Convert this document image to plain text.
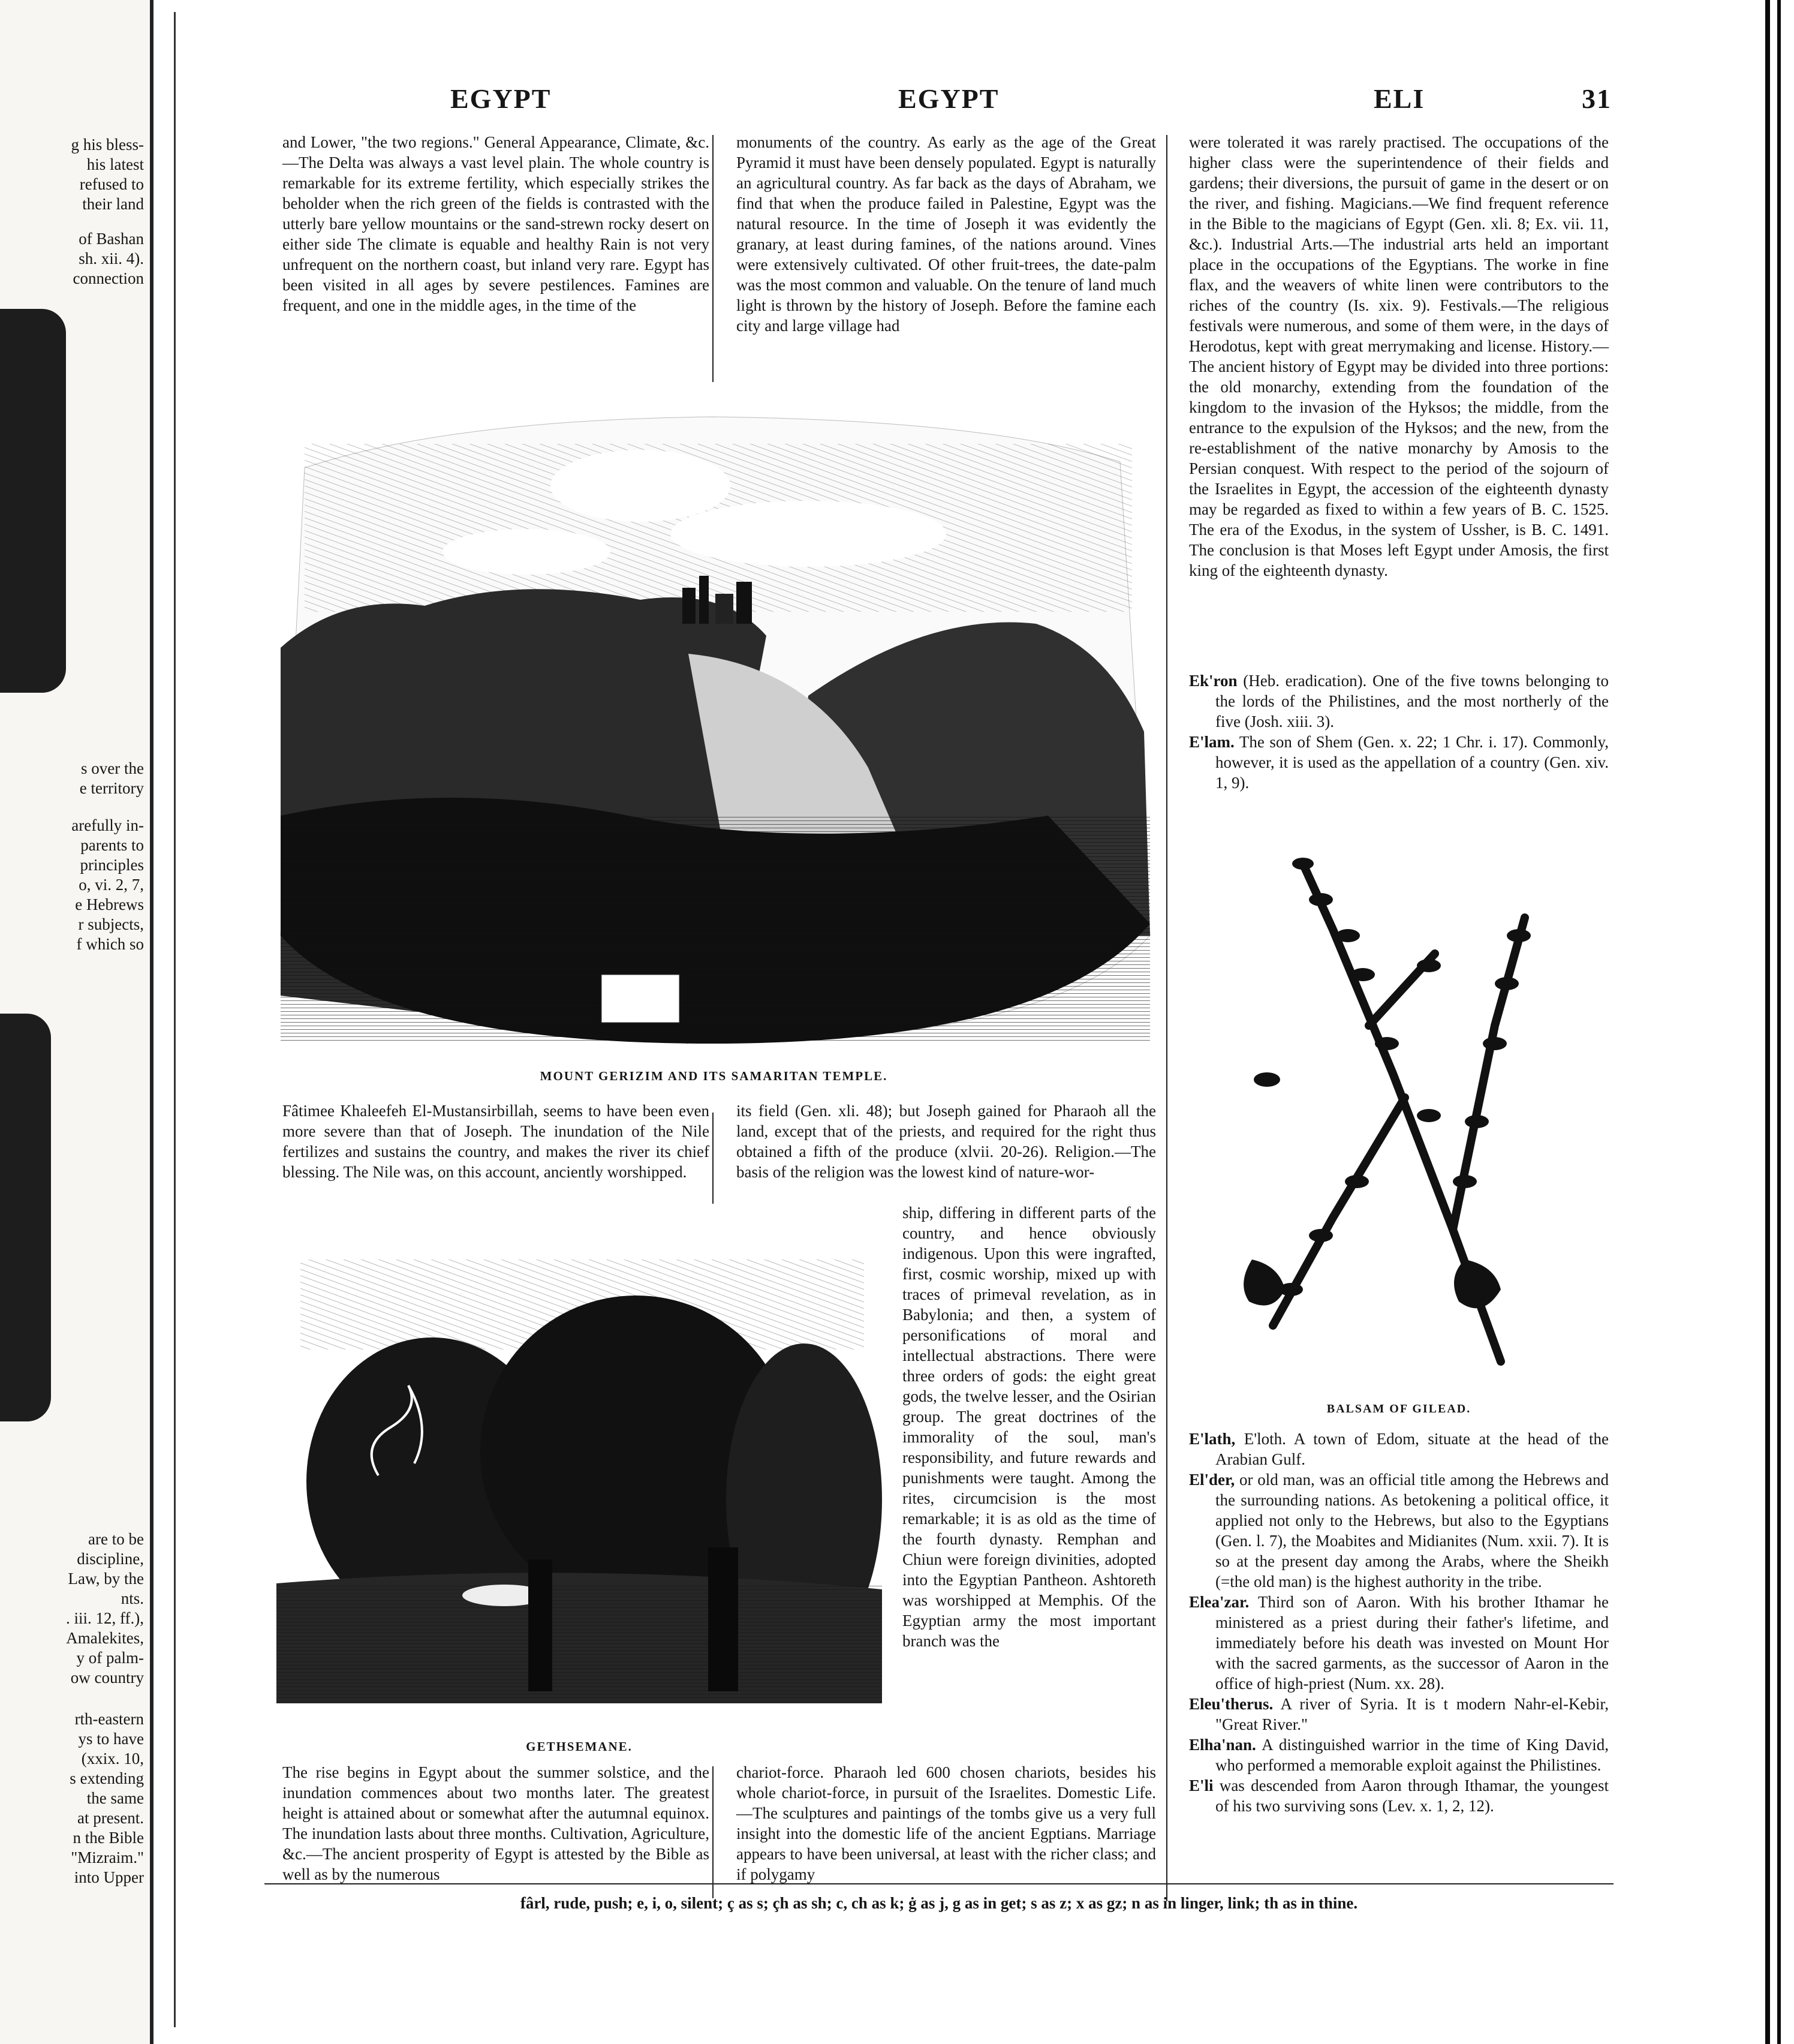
g his bless-
his latest
refused to
their land
of Bashan
sh. xii. 4).
connection
s over the
e territory
arefully in-
parents to
principles
o, vi. 2, 7,
e Hebrews
r subjects,
f which so
are to be
discipline,
Law, by the
nts.
. iii. 12, ff.),
Amalekites,
y of palm-
ow country
rth-eastern
ys to have
(xxix. 10,
s extending
the same
at present.
n the Bible
"Mizraim."
into Upper
EGYPT	EGYPT	ELI	31
and Lower, "the two regions." General Appearance, Climate, &c.—The Delta was always a vast level plain. The whole country is remarkable for its extreme fertility, which especially strikes the beholder when the rich green of the fields is contrasted with the utterly bare yellow mountains or the sand-strewn rocky desert on either side The climate is equable and healthy Rain is not very unfrequent on the northern coast, but inland very rare. Egypt has been visited in all ages by severe pestilences. Famines are frequent, and one in the middle ages, in the time of the
monuments of the country. As early as the age of the Great Pyramid it must have been densely populated. Egypt is naturally an agricultural country. As far back as the days of Abraham, we find that when the produce failed in Palestine, Egypt was the natural resource. In the time of Joseph it was evidently the granary, at least during famines, of the nations around. Vines were extensively cultivated. Of other fruit-trees, the date-palm was the most common and valuable. On the tenure of land much light is thrown by the history of Joseph. Before the famine each city and large village had
MOUNT GERIZIM AND ITS SAMARITAN TEMPLE.
Fâtimee Khaleefeh El-Mustansirbillah, seems to have been even more severe than that of Joseph. The inundation of the Nile fertilizes and sustains the country, and makes the river its chief blessing. The Nile was, on this account, anciently worshipped.
its field (Gen. xli. 48); but Joseph gained for Pharaoh all the land, except that of the priests, and required for the right thus obtained a fifth of the produce (xlvii. 20-26). Religion.—The basis of the religion was the lowest kind of nature-wor-
ship, differing in different parts of the country, and hence obviously indigenous. Upon this were ingrafted, first, cosmic worship, mixed up with traces of primeval revelation, as in Babylonia; and then, a system of personifications of moral and intellectual abstractions. There were three orders of gods: the eight great gods, the twelve lesser, and the Osirian group. The great doctrines of the immorality of the soul, man's responsibility, and future rewards and punishments were taught. Among the rites, circumcision is the most remarkable; it is as old as the time of the fourth dynasty. Remphan and Chiun were foreign divinities, adopted into the Egyptian Pantheon. Ashtoreth was worshipped at Memphis. Of the Egyptian army the most important branch was the
GETHSEMANE.
The rise begins in Egypt about the summer solstice, and the inundation commences about two months later. The greatest height is attained about or somewhat after the autumnal equinox. The inundation lasts about three months. Cultivation, Agriculture, &c.—The ancient prosperity of Egypt is attested by the Bible as well as by the numerous
chariot-force. Pharaoh led 600 chosen chariots, besides his whole chariot-force, in pursuit of the Israelites. Domestic Life.—The sculptures and paintings of the tombs give us a very full insight into the domestic life of the ancient Egptians. Marriage appears to have been universal, at least with the richer class; and if polygamy
were tolerated it was rarely practised. The occupations of the higher class were the superintendence of their fields and gardens; their diversions, the pursuit of game in the desert or on the river, and fishing. Magicians.—We find frequent reference in the Bible to the magicians of Egypt (Gen. xli. 8; Ex. vii. 11, &c.). Industrial Arts.—The industrial arts held an important place in the occupations of the Egyptians. The worke in fine flax, and the weavers of white linen were contributors to the riches of the country (Is. xix. 9). Festivals.—The religious festivals were numerous, and some of them were, in the days of Herodotus, kept with great merrymaking and license. History.—The ancient history of Egypt may be divided into three portions: the old monarchy, extending from the foundation of the kingdom to the invasion of the Hyksos; the middle, from the entrance to the expulsion of the Hyksos; and the new, from the re-establishment of the native monarchy by Amosis to the Persian conquest. With respect to the period of the sojourn of the Israelites in Egypt, the accession of the eighteenth dynasty may be regarded as fixed to within a few years of B. C. 1525. The era of the Exodus, in the system of Ussher, is B. C. 1491. The conclusion is that Moses left Egypt under Amosis, the first king of the eighteenth dynasty.

Ek'ron (Heb. eradication). One of the five towns belonging to the lords of the Philistines, and the most northerly of the five (Josh. xiii. 3).

E'lam. The son of Shem (Gen. x. 22; 1 Chr. i. 17). Commonly, however, it is used as the appellation of a country (Gen. xiv. 1, 9).

BALSAM OF GILEAD.

E'lath, E'loth. A town of Edom, situate at the head of the Arabian Gulf.

El'der, or old man, was an official title among the Hebrews and the surrounding nations. As betokening a political office, it applied not only to the Hebrews, but also to the Egyptians (Gen. l. 7), the Moabites and Midianites (Num. xxii. 7). It is so at the present day among the Arabs, where the Sheikh (=the old man) is the highest authority in the tribe.

Elea'zar. Third son of Aaron. With his brother Ithamar he ministered as a priest during their father's lifetime, and immediately before his death was invested on Mount Hor with the sacred garments, as the successor of Aaron in the office of high-priest (Num. xx. 28).

Eleu'therus. A river of Syria. It is t modern Nahr-el-Kebir, "Great River."

Elha'nan. A distinguished warrior in the time of King David, who performed a memorable exploit against the Philistines.

E'li was descended from Aaron through Ithamar, the youngest of his two surviving sons (Lev. x. 1, 2, 12).

fârl, rude, push; e, i, o, silent; ç as s; çh as sh; c, ch as k; ġ as j, g as in get; s as z; x as gz; n as in linger, link; th as in thine.
